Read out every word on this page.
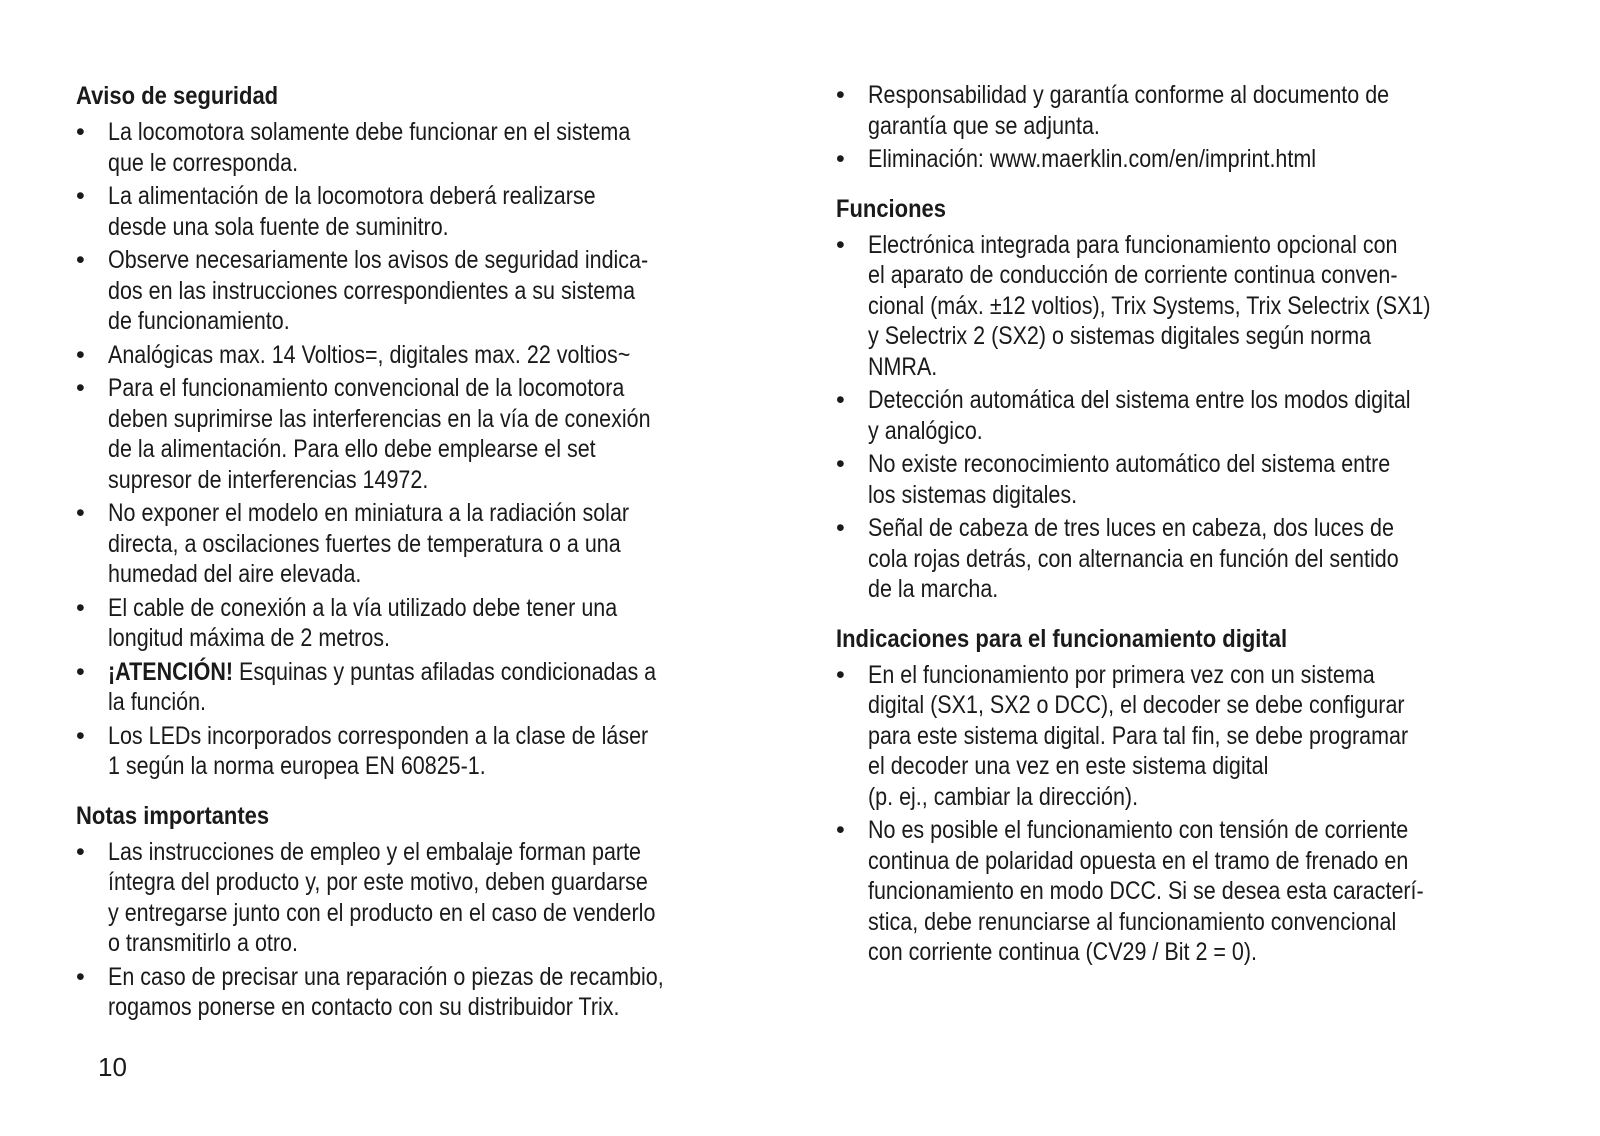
Aviso de seguridad
• La locomotora solamente debe funcionar en el sistema
que le corresponda.
• La alimentación de la locomotora deberá realizarse
desde una sola fuente de suminitro.
• Observe necesariamente los avisos de seguridad indica-
dos en las instrucciones correspondientes a su sistema
de funcionamiento.
• Analógicas max. 14 Voltios=, digitales max. 22 voltios~
• Para el funcionamiento convencional de la locomotora
deben suprimirse las interferencias en la vía de conexión
de la alimentación. Para ello debe emplearse el set
supresor de interferencias 14972.
• No exponer el modelo en miniatura a la radiación solar
directa, a oscilaciones fuertes de temperatura o a una
humedad del aire elevada.
• El cable de conexión a la vía utilizado debe tener una
longitud máxima de 2 metros.
• ¡ATENCIÓN! Esquinas y puntas afiladas condicionadas a
la función.
• Los LEDs incorporados corresponden a la clase de láser
1 según la norma europea EN 60825-1.
Notas importantes
• Las instrucciones de empleo y el embalaje forman parte
íntegra del producto y, por este motivo, deben guardarse
y entregarse junto con el producto en el caso de venderlo
o transmitirlo a otro.
• En caso de precisar una reparación o piezas de recambio,
rogamos ponerse en contacto con su distribuidor Trix.
• Responsabilidad y garantía conforme al documento de
garantía que se adjunta.
• Eliminación: www.maerklin.com/en/imprint.html
Funciones
• Electrónica integrada para funcionamiento opcional con
el aparato de conducción de corriente continua conven-
cional (máx. ±12 voltios), Trix Systems, Trix Selectrix (SX1)
y Selectrix 2 (SX2) o sistemas digitales según norma
NMRA.
• Detección automática del sistema entre los modos digital
y analógico.
• No existe reconocimiento automático del sistema entre
los sistemas digitales.
• Señal de cabeza de tres luces en cabeza, dos luces de
cola rojas detrás, con alternancia en función del sentido
de la marcha.
Indicaciones para el funcionamiento digital
• En el funcionamiento por primera vez con un sistema
digital (SX1, SX2 o DCC), el decoder se debe configurar
para este sistema digital. Para tal fin, se debe programar
el decoder una vez en este sistema digital
(p. ej., cambiar la dirección).
• No es posible el funcionamiento con tensión de corriente
continua de polaridad opuesta en el tramo de frenado en
funcionamiento en modo DCC. Si se desea esta caracterí-
stica, debe renunciarse al funcionamiento convencional
con corriente continua (CV29 / Bit 2 = 0).
10
